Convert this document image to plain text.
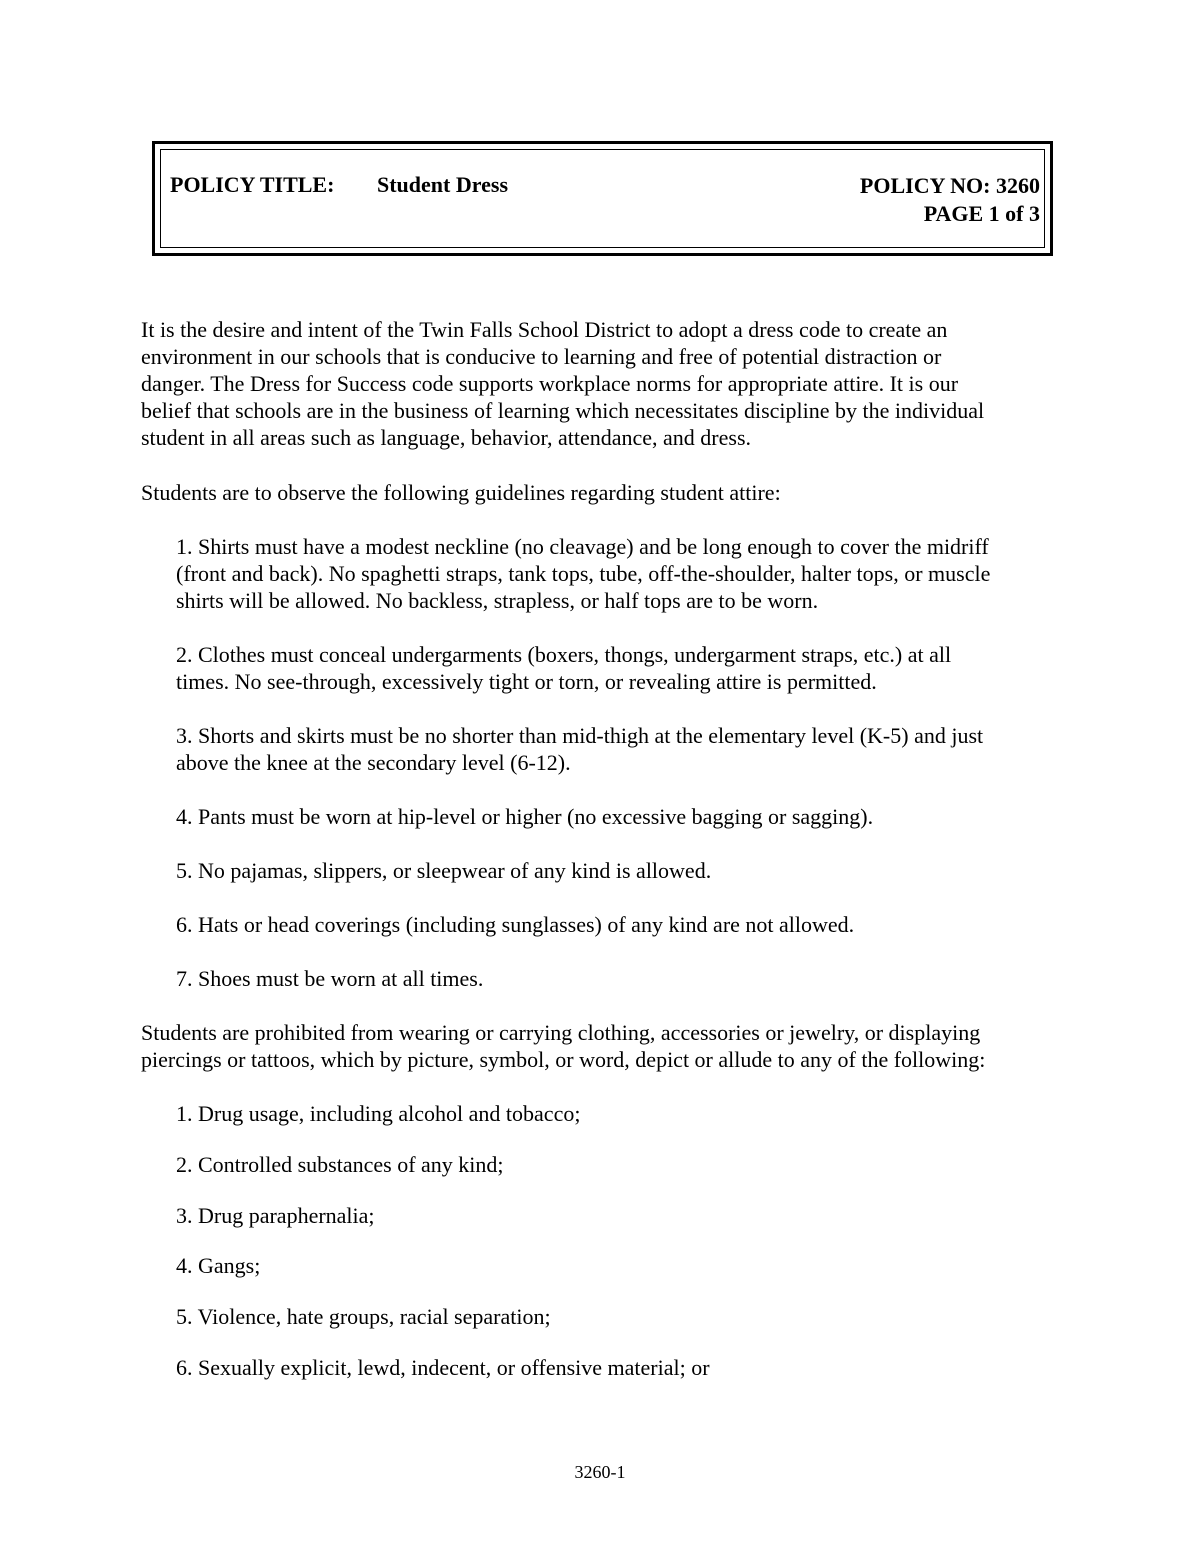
POLICY TITLE: Student Dress	POLICY NO: 3260
PAGE 1 of 3
It is the desire and intent of the Twin Falls School District to adopt a dress code to create an
environment in our schools that is conducive to learning and free of potential distraction or
danger. The Dress for Success code supports workplace norms for appropriate attire. It is our
belief that schools are in the business of learning which necessitates discipline by the individual
student in all areas such as language, behavior, attendance, and dress.
Students are to observe the following guidelines regarding student attire:
1. Shirts must have a modest neckline (no cleavage) and be long enough to cover the midriff
(front and back). No spaghetti straps, tank tops, tube, off-the-shoulder, halter tops, or muscle
shirts will be allowed. No backless, strapless, or half tops are to be worn.
2. Clothes must conceal undergarments (boxers, thongs, undergarment straps, etc.) at all
times. No see-through, excessively tight or torn, or revealing attire is permitted.
3. Shorts and skirts must be no shorter than mid-thigh at the elementary level (K-5) and just
above the knee at the secondary level (6-12).
4. Pants must be worn at hip-level or higher (no excessive bagging or sagging).
5. No pajamas, slippers, or sleepwear of any kind is allowed.
6. Hats or head coverings (including sunglasses) of any kind are not allowed.
7. Shoes must be worn at all times.
Students are prohibited from wearing or carrying clothing, accessories or jewelry, or displaying
piercings or tattoos, which by picture, symbol, or word, depict or allude to any of the following:
1. Drug usage, including alcohol and tobacco;
2. Controlled substances of any kind;
3. Drug paraphernalia;
4. Gangs;
5. Violence, hate groups, racial separation;
6. Sexually explicit, lewd, indecent, or offensive material; or
3260-1
